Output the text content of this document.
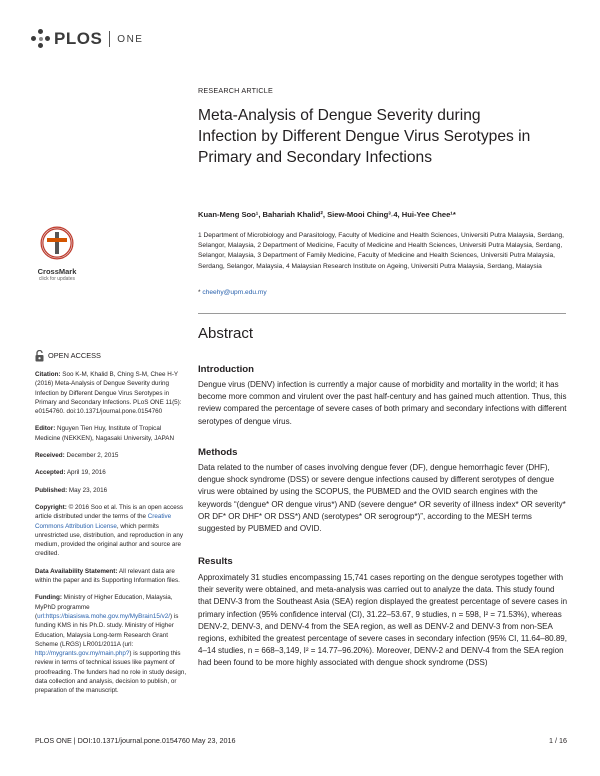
PLOS ONE
CrossMark
click for updates
OPEN ACCESS
Citation: Soo K-M, Khalid B, Ching S-M, Chee H-Y (2016) Meta-Analysis of Dengue Severity during Infection by Different Dengue Virus Serotypes in Primary and Secondary Infections. PLoS ONE 11(5): e0154760. doi:10.1371/journal.pone.0154760
Editor: Nguyen Tien Huy, Institute of Tropical Medicine (NEKKEN), Nagasaki University, JAPAN
Received: December 2, 2015
Accepted: April 19, 2016
Published: May 23, 2016
Copyright: © 2016 Soo et al. This is an open access article distributed under the terms of the Creative Commons Attribution License, which permits unrestricted use, distribution, and reproduction in any medium, provided the original author and source are credited.
Data Availability Statement: All relevant data are within the paper and its Supporting Information files.
Funding: Ministry of Higher Education, Malaysia, MyPhD programme (url:https://biasiswa.mohe.gov.my/MyBrain15/v2/) is funding KMS in his Ph.D. study. Ministry of Higher Education, Malaysia Long-term Research Grant Scheme (LRGS) LR001/2011A (url: http://mygrants.gov.my/main.php?) is supporting this review in terms of technical issues like payment of proofreading. The funders had no role in study design, data collection and analysis, decision to publish, or preparation of the manuscript.
RESEARCH ARTICLE
Meta-Analysis of Dengue Severity during Infection by Different Dengue Virus Serotypes in Primary and Secondary Infections
Kuan-Meng Soo¹, Bahariah Khalid², Siew-Mooi Ching³˒4, Hui-Yee Chee¹*
1 Department of Microbiology and Parasitology, Faculty of Medicine and Health Sciences, Universiti Putra Malaysia, Serdang, Selangor, Malaysia, 2 Department of Medicine, Faculty of Medicine and Health Sciences, Universiti Putra Malaysia, Serdang, Selangor, Malaysia, 3 Department of Family Medicine, Faculty of Medicine and Health Sciences, Universiti Putra Malaysia, Serdang, Selangor, Malaysia, 4 Malaysian Research Institute on Ageing, Universiti Putra Malaysia, Serdang, Malaysia
* cheehy@upm.edu.my
Abstract
Introduction

Dengue virus (DENV) infection is currently a major cause of morbidity and mortality in the world; it has become more common and virulent over the past half-century and has gained much attention. Thus, this review compared the percentage of severe cases of both primary and secondary infections with different serotypes of dengue virus.

Methods

Data related to the number of cases involving dengue fever (DF), dengue hemorrhagic fever (DHF), dengue shock syndrome (DSS) or severe dengue infections caused by different serotypes of dengue virus were obtained by using the SCOPUS, the PUBMED and the OVID search engines with the keywords “(dengue* OR dengue virus*) AND (severe dengue* OR severity of illness index* OR severity* OR DF* OR DHF* OR DSS*) AND (serotypes* OR serogroup*)”, according to the MESH terms suggested by PUBMED and OVID.

Results

Approximately 31 studies encompassing 15,741 cases reporting on the dengue serotypes together with their severity were obtained, and meta-analysis was carried out to analyze the data. This study found that DENV-3 from the Southeast Asia (SEA) region displayed the greatest percentage of severe cases in primary infection (95% confidence interval (CI), 31.22–53.67, 9 studies, n = 598, I² = 71.53%), whereas DENV-2, DENV-3, and DENV-4 from the SEA region, as well as DENV-2 and DENV-3 from non-SEA regions, exhibited the greatest percentage of severe cases in secondary infection (95% CI, 11.64–80.89, 4–14 studies, n = 668–3,149, I² = 14.77–96.20%). Moreover, DENV-2 and DENV-4 from the SEA region had been found to be more highly associated with dengue shock syndrome (DSS)

PLOS ONE | DOI:10.1371/journal.pone.0154760 May 23, 2016	1 / 16
